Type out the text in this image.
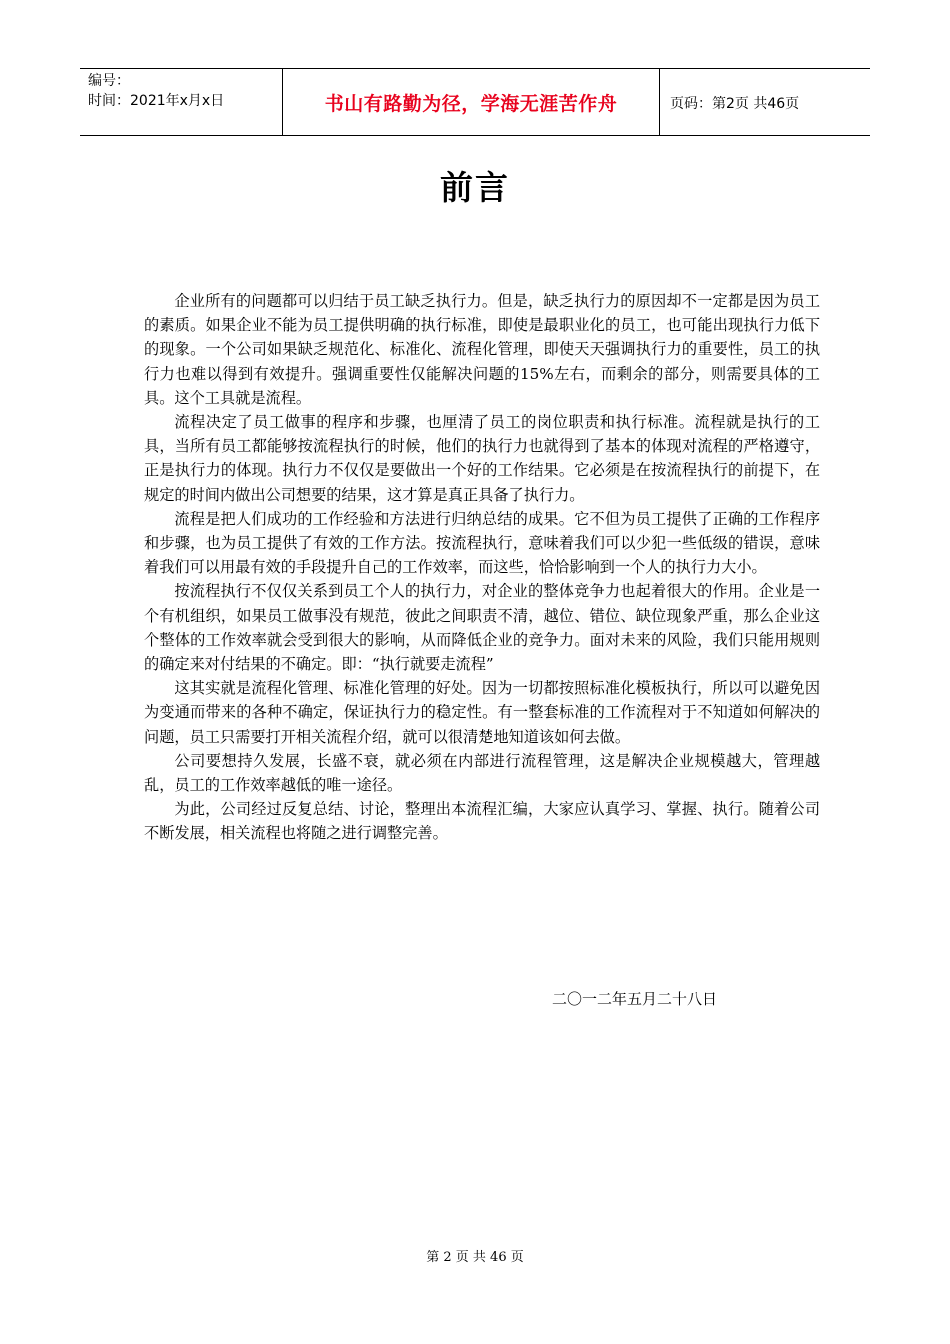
编号：
时间：2021年x月x日	书山有路勤为径，学海无涯苦作舟	页码：第2页 共46页
前言

企业所有的问题都可以归结于员工缺乏执行力。但是，缺乏执行力的原因却不一定都是因为员工的素质。如果企业不能为员工提供明确的执行标准，即使是最职业化的员工，也可能出现执行力低下的现象。一个公司如果缺乏规范化、标准化、流程化管理，即使天天强调执行力的重要性，员工的执行力也难以得到有效提升。强调重要性仅能解决问题的15%左右，而剩余的部分，则需要具体的工具。这个工具就是流程。

流程决定了员工做事的程序和步骤，也厘清了员工的岗位职责和执行标准。流程就是执行的工具，当所有员工都能够按流程执行的时候，他们的执行力也就得到了基本的体现对流程的严格遵守，正是执行力的体现。执行力不仅仅是要做出一个好的工作结果。它必须是在按流程执行的前提下，在规定的时间内做出公司想要的结果，这才算是真正具备了执行力。

流程是把人们成功的工作经验和方法进行归纳总结的成果。它不但为员工提供了正确的工作程序和步骤，也为员工提供了有效的工作方法。按流程执行，意味着我们可以少犯一些低级的错误，意味着我们可以用最有效的手段提升自己的工作效率，而这些，恰恰影响到一个人的执行力大小。

按流程执行不仅仅关系到员工个人的执行力，对企业的整体竞争力也起着很大的作用。企业是一个有机组织，如果员工做事没有规范，彼此之间职责不清，越位、错位、缺位现象严重，那么企业这个整体的工作效率就会受到很大的影响，从而降低企业的竞争力。面对未来的风险，我们只能用规则的确定来对付结果的不确定。即：“执行就要走流程”

这其实就是流程化管理、标准化管理的好处。因为一切都按照标准化模板执行，所以可以避免因为变通而带来的各种不确定，保证执行力的稳定性。有一整套标准的工作流程对于不知道如何解决的问题，员工只需要打开相关流程介绍，就可以很清楚地知道该如何去做。

公司要想持久发展，长盛不衰，就必须在内部进行流程管理，这是解决企业规模越大，管理越乱，员工的工作效率越低的唯一途径。

为此，公司经过反复总结、讨论，整理出本流程汇编，大家应认真学习、掌握、执行。随着公司不断发展，相关流程也将随之进行调整完善。

二〇一二年五月二十八日
第 2 页 共 46 页
